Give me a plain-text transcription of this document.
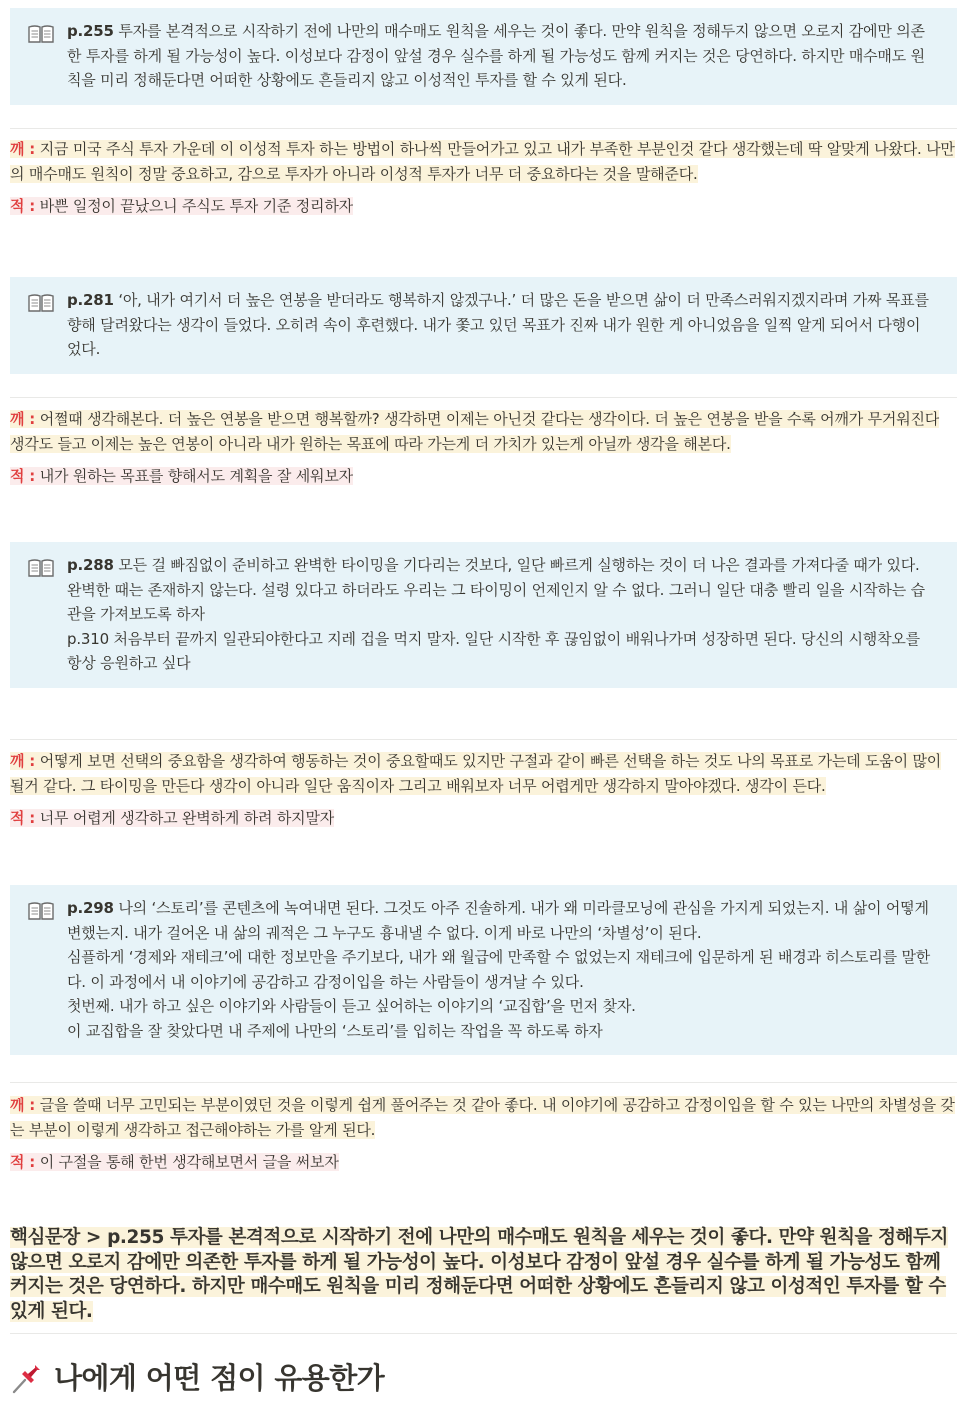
p.255 투자를 본격적으로 시작하기 전에 나만의 매수매도 원칙을 세우는 것이 좋다. 만약 원칙을 정해두지 않으면 오로지 감에만 의존한 투자를 하게 될 가능성이 높다. 이성보다 감정이 앞설 경우 실수를 하게 될 가능성도 함께 커지는 것은 당연하다. 하지만 매수매도 원칙을 미리 정해둔다면 어떠한 상황에도 흔들리지 않고 이성적인 투자를 할 수 있게 된다.

깨 : 지금 미국 주식 투자 가운데 이 이성적 투자 하는 방법이 하나씩 만들어가고 있고 내가 부족한 부분인것 같다 생각했는데 딱 알맞게 나왔다. 나만의 매수매도 원칙이 정말 중요하고, 감으로 투자가 아니라 이성적 투자가 너무 더 중요하다는 것을 말해준다.
적 : 바쁜 일정이 끝났으니 주식도 투자 기준 정리하자

p.281 ‘아, 내가 여기서 더 높은 연봉을 받더라도 행복하지 않겠구나.’ 더 많은 돈을 받으면 삶이 더 만족스러워지겠지라며 가짜 목표를 향해 달려왔다는 생각이 들었다. 오히려 속이 후련했다. 내가 쫓고 있던 목표가 진짜 내가 원한 게 아니었음을 일찍 알게 되어서 다행이었다.

깨 : 어쩔때 생각해본다. 더 높은 연봉을 받으면 행복할까? 생각하면 이제는 아닌것 같다는 생각이다. 더 높은 연봉을 받을 수록 어깨가 무거워진다 생각도 들고 이제는 높은 연봉이 아니라 내가 원하는 목표에 따라 가는게 더 가치가 있는게 아닐까 생각을 해본다.
적 : 내가 원하는 목표를 향해서도 계획을 잘 세워보자

p.288 모든 걸 빠짐없이 준비하고 완벽한 타이밍을 기다리는 것보다, 일단 빠르게 실행하는 것이 더 나은 결과를 가져다줄 때가 있다.

완벽한 때는 존재하지 않는다. 설령 있다고 하더라도 우리는 그 타이밍이 언제인지 알 수 없다. 그러니 일단 대충 빨리 일을 시작하는 습관을 가져보도록 하자

p.310 처음부터 끝까지 일관되야한다고 지레 겁을 먹지 말자. 일단 시작한 후 끊임없이 배워나가며 성장하면 된다. 당신의 시행착오를 항상 응원하고 싶다

깨 : 어떻게 보면 선택의 중요함을 생각하여 행동하는 것이 중요할때도 있지만 구절과 같이 빠른 선택을 하는 것도 나의 목표로 가는데 도움이 많이 될거 같다. 그 타이밍을 만든다 생각이 아니라 일단 움직이자 그리고 배워보자 너무 어렵게만 생각하지 말아야겠다. 생각이 든다.
적 : 너무 어렵게 생각하고 완벽하게 하려 하지말자

p.298 나의 ‘스토리’를 콘텐츠에 녹여내면 된다. 그것도 아주 진솔하게. 내가 왜 미라클모닝에 관심을 가지게 되었는지. 내 삶이 어떻게 변했는지. 내가 걸어온 내 삶의 궤적은 그 누구도 흉내낼 수 없다. 이게 바로 나만의 ‘차별성’이 된다.

심플하게 ‘경제와 재테크’에 대한 정보만을 주기보다, 내가 왜 월급에 만족할 수 없었는지 재테크에 입문하게 된 배경과 히스토리를 말한다. 이 과정에서 내 이야기에 공감하고 감정이입을 하는 사람들이 생겨날 수 있다.

첫번째. 내가 하고 싶은 이야기와 사람들이 듣고 싶어하는 이야기의 ‘교집합’을 먼저 찾자.

이 교집합을 잘 찾았다면 내 주제에 나만의 ‘스토리’를 입히는 작업을 꼭 하도록 하자

깨 : 글을 쓸때 너무 고민되는 부분이였던 것을 이렇게 쉽게 풀어주는 것 같아 좋다. 내 이야기에 공감하고 감정이입을 할 수 있는 나만의 차별성을 갖는 부분이 이렇게 생각하고 접근해야하는 가를 알게 된다.
적 : 이 구절을 통해 한번 생각해보면서 글을 써보자
핵심문장 > p.255 투자를 본격적으로 시작하기 전에 나만의 매수매도 원칙을 세우는 것이 좋다. 만약 원칙을 정해두지 않으면 오로지 감에만 의존한 투자를 하게 될 가능성이 높다. 이성보다 감정이 앞설 경우 실수를 하게 될 가능성도 함께 커지는 것은 당연하다. 하지만 매수매도 원칙을 미리 정해둔다면 어떠한 상황에도 흔들리지 않고 이성적인 투자를 할 수 있게 된다.
나에게 어떤 점이 유용한가
